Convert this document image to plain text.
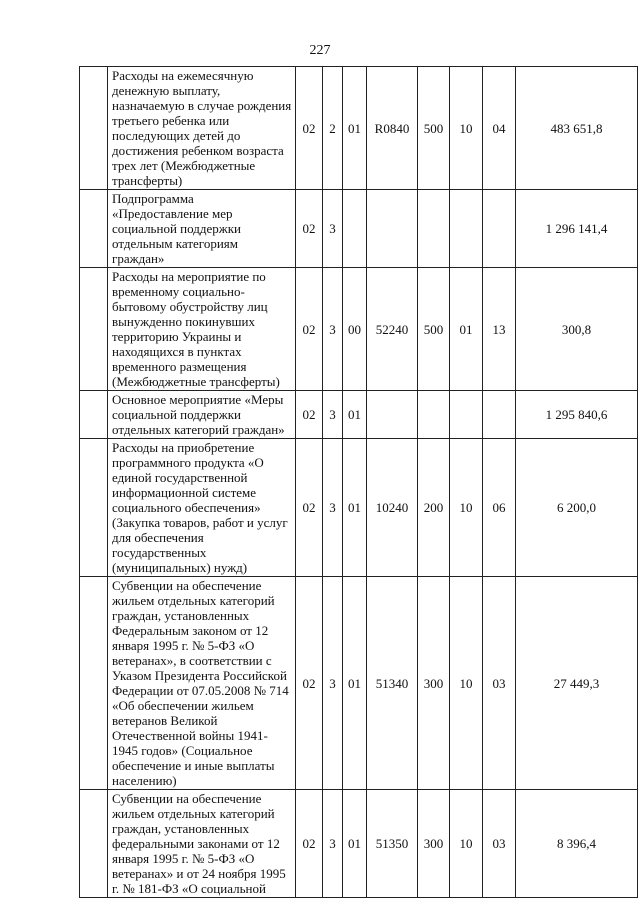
227
	Расходы на ежемесячную денежную выплату, назначаемую в случае рождения третьего ребенка или последующих детей до достижения ребенком возраста трех лет (Межбюджетные трансферты)	02	2	01	R0840	500	10	04	483 651,8
	Подпрограмма «Предоставление мер социальной поддержки отдельным категориям граждан»	02	3						1 296 141,4
	Расходы на мероприятие по временному социально-бытовому обустройству лиц вынужденно покинувших территорию Украины и находящихся в пунктах временного размещения (Межбюджетные трансферты)	02	3	00	52240	500	01	13	300,8
	Основное мероприятие «Меры социальной поддержки отдельных категорий граждан»	02	3	01					1 295 840,6
	Расходы на приобретение программного продукта «О единой государственной информационной системе социального обеспечения» (Закупка товаров, работ и услуг для обеспечения государственных (муниципальных) нужд)	02	3	01	10240	200	10	06	6 200,0
	Субвенции на обеспечение жильем отдельных категорий граждан, установленных Федеральным законом от 12 января 1995 г. № 5-ФЗ «О ветеранах», в соответствии с Указом Президента Российской Федерации от 07.05.2008 № 714 «Об обеспечении жильем ветеранов Великой Отечественной войны 1941-1945 годов» (Социальное обеспечение и иные выплаты населению)	02	3	01	51340	300	10	03	27 449,3
	Субвенции на обеспечение жильем отдельных категорий граждан, установленных федеральными законами от 12 января 1995 г. № 5-ФЗ «О ветеранах» и от 24 ноября 1995 г. № 181-ФЗ «О социальной	02	3	01	51350	300	10	03	8 396,4
